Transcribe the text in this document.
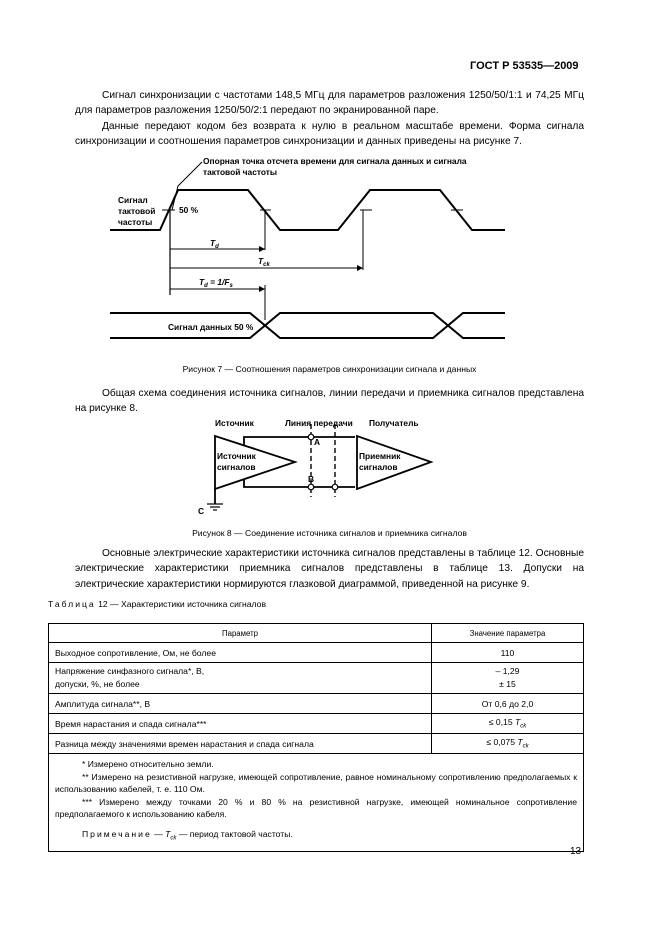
ГОСТ Р 53535—2009
Сигнал синхронизации с частотами 148,5 МГц для параметров разложения 1250/50/1:1 и 74,25 МГц для параметров разложения 1250/50/2:1 передают по экранированной паре.
Данные передают кодом без возврата к нулю в реальном масштабе времени. Форма сигнала синхронизации и соотношения параметров синхронизации и данных приведены на рисунке 7.
Опорная точка отсчета времени для сигнала данных и сигнала
тактовой частоты
Сигнал
тактовой
частоты
50 %
$T_d$
$T_{ck}$
$T_d = 1/F_s$
Сигнал данных 50 %
Рисунок 7 — Соотношения параметров синхронизации сигнала и данных
Общая схема соединения источника сигналов, линии передачи и приемника сигналов представлена на рисунке 8.
Источник	Линия передачи Получатель
Источник
сигналов
Приемник
сигналов
A
B
C
Рисунок 8 — Соединение источника сигналов и приемника сигналов
Основные электрические характеристики источника сигналов представлены в таблице 12. Основные электрические характеристики приемника сигналов представлены в таблице 13. Допуски на электрические характеристики нормируются глазковой диаграммой, приведенной на рисунке 9.
Таблица 12 — Характеристики источника сигналов
Параметр	Значение параметра
Выходное сопротивление, Ом, не более	110
Напряжение синфазного сигнала*, В,
допуски, %, не более	– 1,29
± 15
Амплитуда сигнала**, В	От 0,6 до 2,0
Время нарастания и спада сигнала***	≤ 0,15 $T_{ck}$
Разница между значениями времен нарастания и спада сигнала	≤ 0,075 $T_{ck}$

* Измерено относительно земли.
** Измерено на резистивной нагрузке, имеющей сопротивление, равное номинальному сопротивлению предполагаемых к использованию кабелей, т. е. 110 Ом.
*** Измерено между точками 20 % и 80 % на резистивной нагрузке, имеющей номинальное сопротивление предполагаемого к использованию кабеля.
Примечание — $T_{ck}$ — период тактовой частоты.	
13
